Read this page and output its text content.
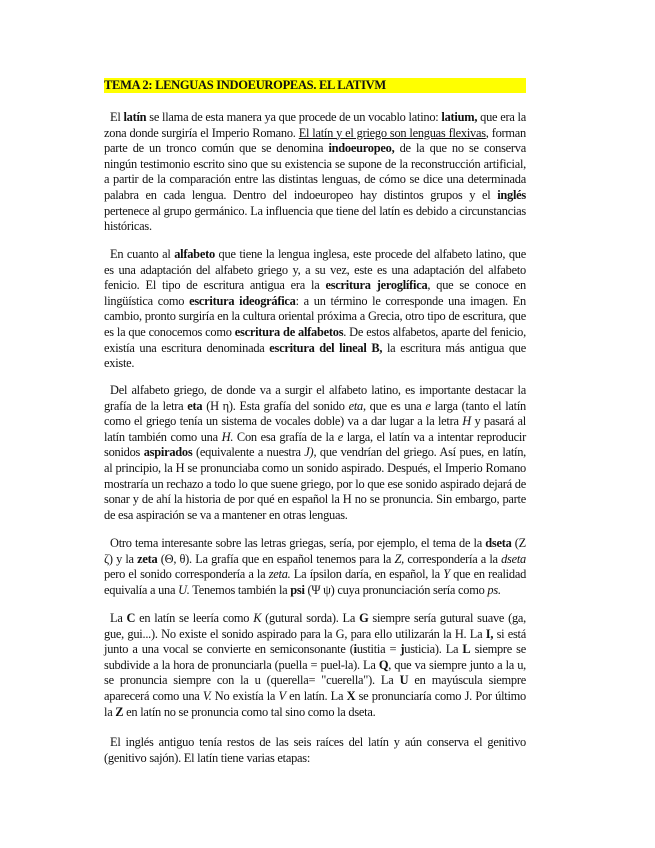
TEMA 2: LENGUAS INDOEUROPEAS. EL LATIVM

El latín se llama de esta manera ya que procede de un vocablo latino: latium, que era la zona donde surgiría el Imperio Romano. El latín y el griego son lenguas flexivas, forman parte de un tronco común que se denomina indoeuropeo, de la que no se conserva ningún testimonio escrito sino que su existencia se supone de la reconstrucción artificial, a partir de la comparación entre las distintas lenguas, de cómo se dice una determinada palabra en cada lengua. Dentro del indoeuropeo hay distintos grupos y el inglés pertenece al grupo germánico. La influencia que tiene del latín es debido a circunstancias históricas.

En cuanto al alfabeto que tiene la lengua inglesa, este procede del alfabeto latino, que es una adaptación del alfabeto griego y, a su vez, este es una adaptación del alfabeto fenicio. El tipo de escritura antigua era la escritura jeroglífica, que se conoce en lingüística como escritura ideográfica: a un término le corresponde una imagen. En cambio, pronto surgiría en la cultura oriental próxima a Grecia, otro tipo de escritura, que es la que conocemos como escritura de alfabetos. De estos alfabetos, aparte del fenicio, existía una escritura denominada escritura del lineal B, la escritura más antigua que existe.

Del alfabeto griego, de donde va a surgir el alfabeto latino, es importante destacar la grafía de la letra eta (Η η). Esta grafía del sonido eta, que es una e larga (tanto el latín como el griego tenía un sistema de vocales doble) va a dar lugar a la letra H y pasará al latín también como una H. Con esa grafía de la e larga, el latín va a intentar reproducir sonidos aspirados (equivalente a nuestra J), que vendrían del griego. Así pues, en latín, al principio, la H se pronunciaba como un sonido aspirado. Después, el Imperio Romano mostraría un rechazo a todo lo que suene griego, por lo que ese sonido aspirado dejará de sonar y de ahí la historia de por qué en español la H no se pronuncia. Sin embargo, parte de esa aspiración se va a mantener en otras lenguas.

Otro tema interesante sobre las letras griegas, sería, por ejemplo, el tema de la dseta (Ζ ζ) y la zeta (Θ, θ). La grafía que en español tenemos para la Z, correspondería a la dseta pero el sonido correspondería a la zeta. La ípsilon daría, en español, la Y que en realidad equivalía a una U. Tenemos también la psi (Ψ ψ) cuya pronunciación sería como ps.

La C en latín se leería como K (gutural sorda). La G siempre sería gutural suave (ga, gue, gui...). No existe el sonido aspirado para la G, para ello utilizarán la H. La I, si está junto a una vocal se convierte en semiconsonante (iustitia = justicia). La L siempre se subdivide a la hora de pronunciarla (puella = puel-la). La Q, que va siempre junto a la u, se pronuncia siempre con la u (querella= "cuerella"). La U en mayúscula siempre aparecerá como una V. No existía la V en latín. La X se pronunciaría como J. Por último la Z en latín no se pronuncia como tal sino como la dseta.

El inglés antiguo tenía restos de las seis raíces del latín y aún conserva el genitivo (genitivo sajón). El latín tiene varias etapas:
